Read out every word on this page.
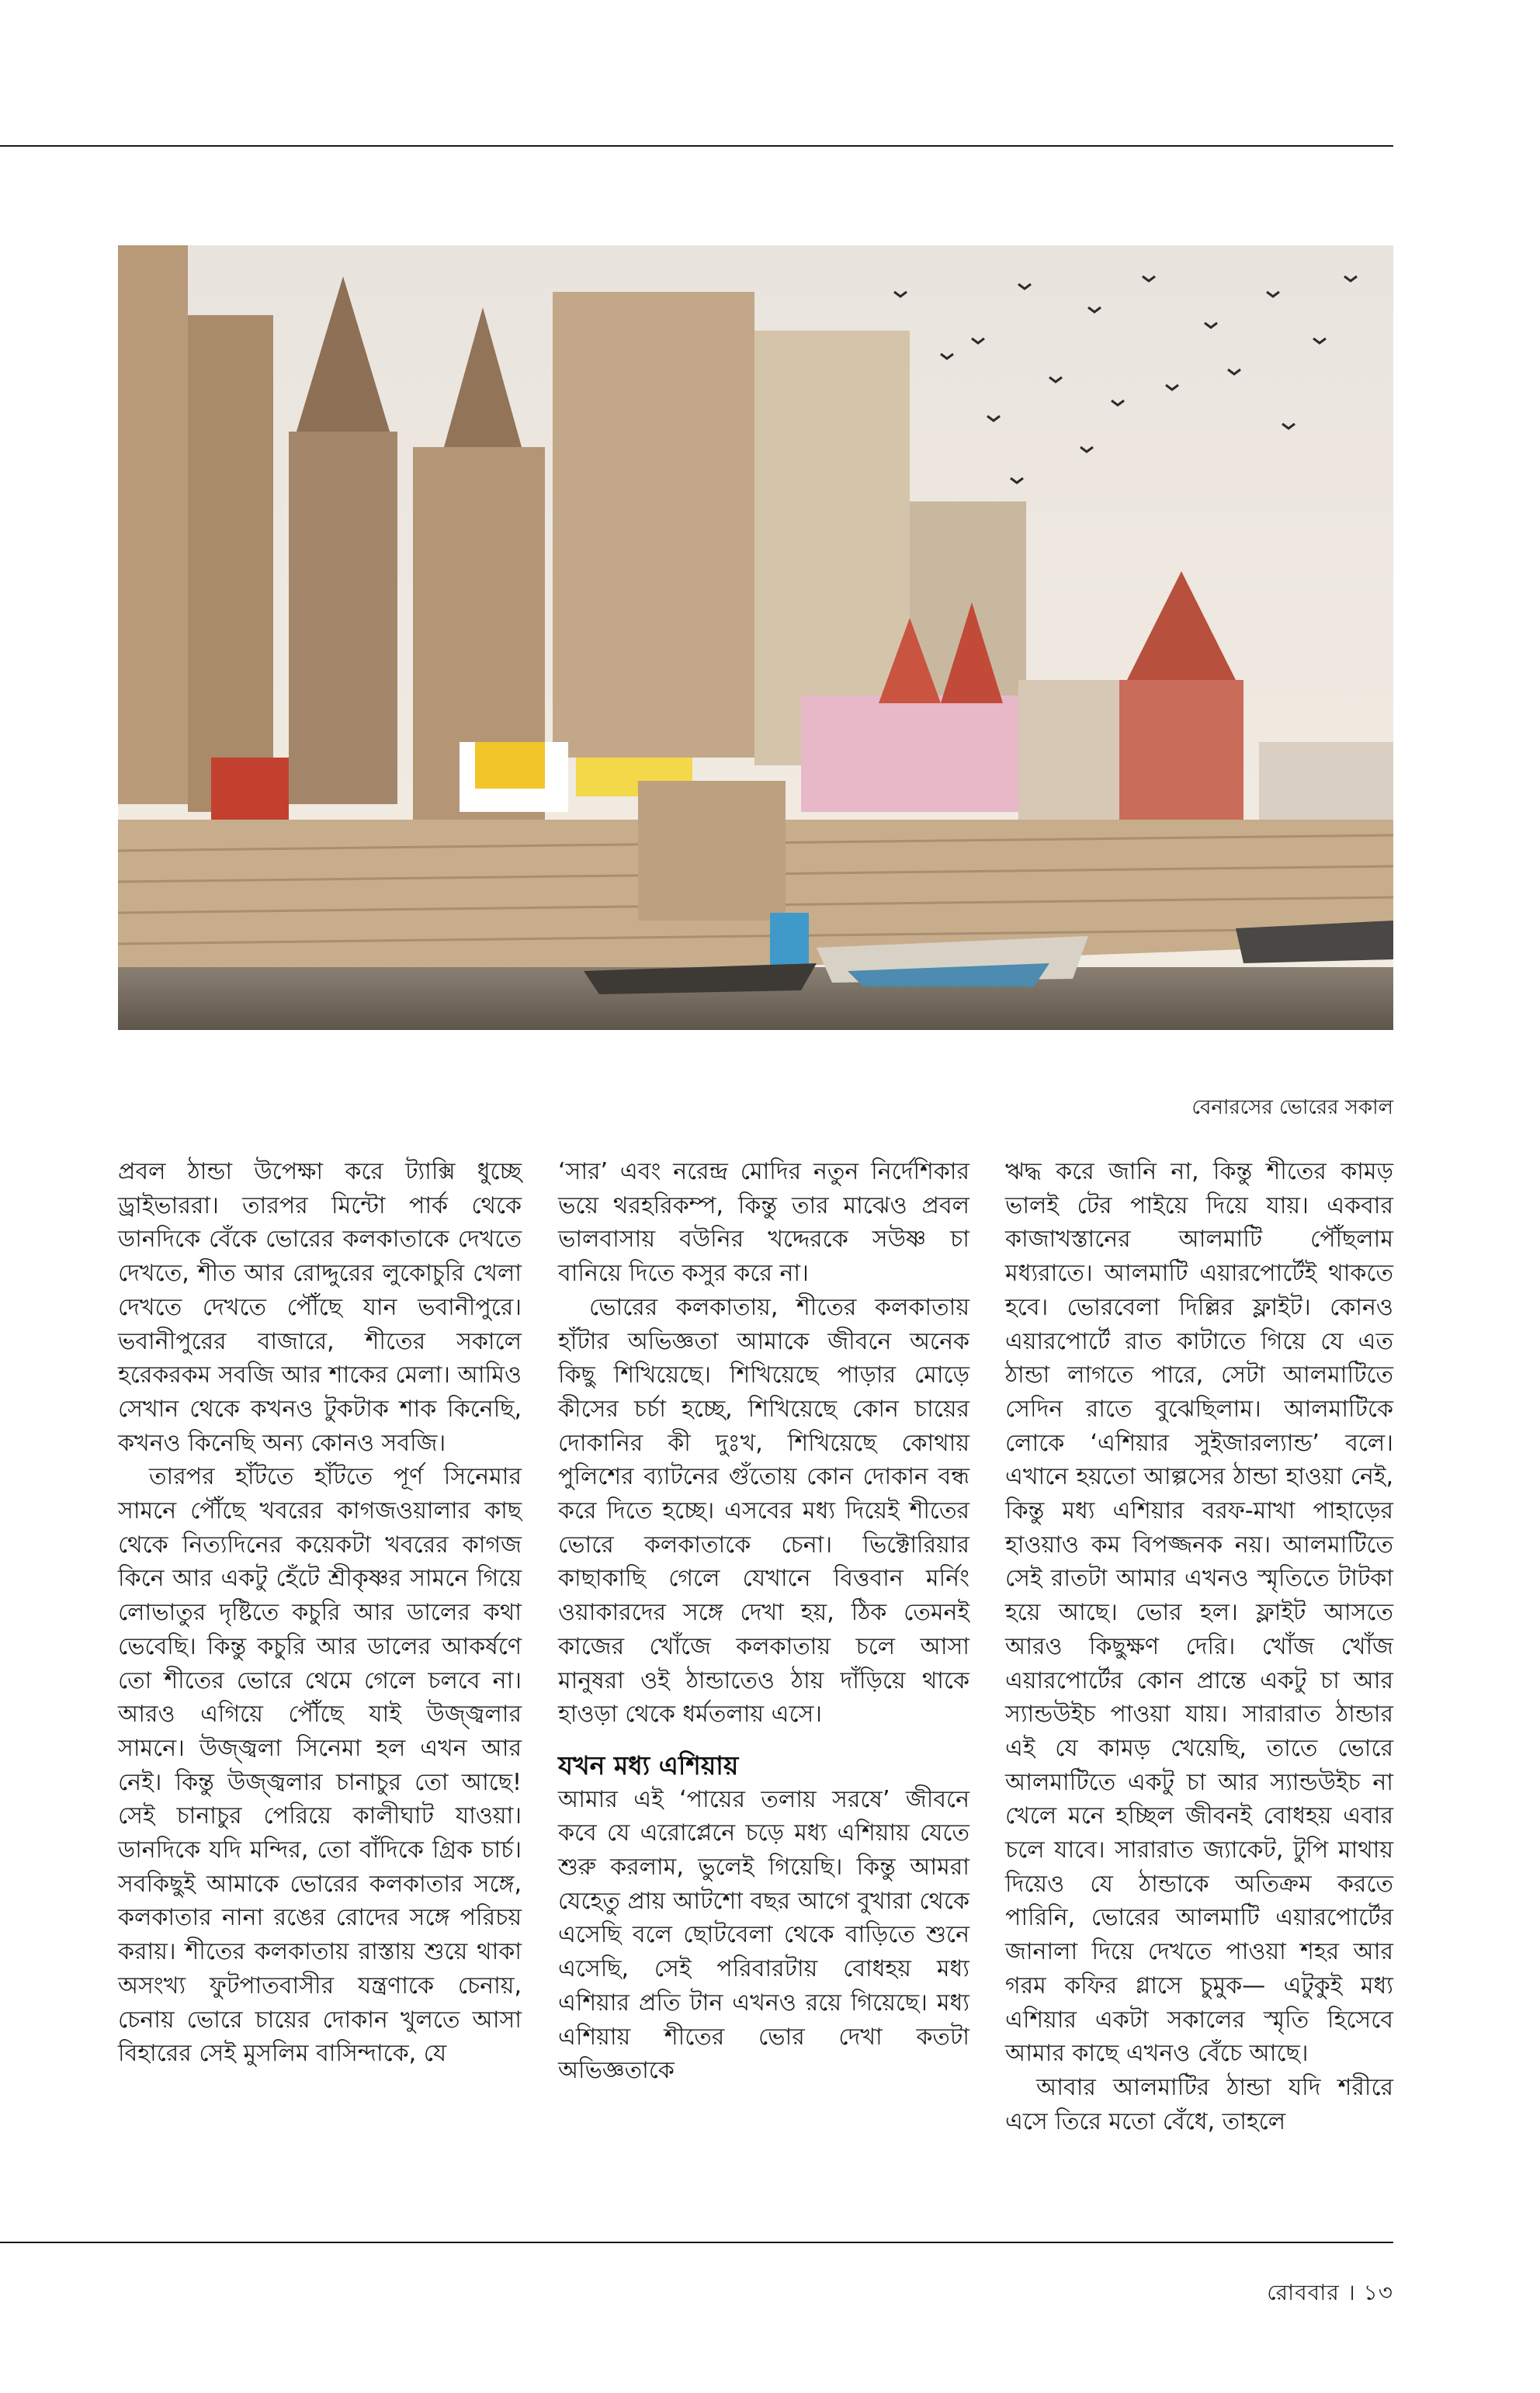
বেনারসের ভোরের সকাল

প্রবল ঠান্ডা উপেক্ষা করে ট্যাক্সি ধুচ্ছে ড্রাইভাররা। তারপর মিন্টো পার্ক থেকে ডানদিকে বেঁকে ভোরের কলকাতাকে দেখতে দেখতে, শীত আর রোদ্দুরের লুকোচুরি খেলা দেখতে দেখতে পৌঁছে যান ভবানীপুরে। ভবানীপুরের বাজারে, শীতের সকালে হরেকরকম সবজি আর শাকের মেলা। আমিও সেখান থেকে কখনও টুকটাক শাক কিনেছি, কখনও কিনেছি অন্য কোনও সবজি।

তারপর হাঁটতে হাঁটতে পূর্ণ সিনেমার সামনে পৌঁছে খবরের কাগজওয়ালার কাছ থেকে নিত্যদিনের কয়েকটা খবরের কাগজ কিনে আর একটু হেঁটে শ্রীকৃষ্ণর সামনে গিয়ে লোভাতুর দৃষ্টিতে কচুরি আর ডালের কথা ভেবেছি। কিন্তু কচুরি আর ডালের আকর্ষণে তো শীতের ভোরে থেমে গেলে চলবে না। আরও এগিয়ে পৌঁছে যাই উজ্জ্বলার সামনে। উজ্জ্বলা সিনেমা হল এখন আর নেই। কিন্তু উজ্জ্বলার চানাচুর তো আছে! সেই চানাচুর পেরিয়ে কালীঘাট যাওয়া। ডানদিকে যদি মন্দির, তো বাঁদিকে গ্রিক চার্চ। সবকিছুই আমাকে ভোরের কলকাতার সঙ্গে, কলকাতার নানা রঙের রোদের সঙ্গে পরিচয় করায়। শীতের কলকাতায় রাস্তায় শুয়ে থাকা অসংখ্য ফুটপাতবাসীর যন্ত্রণাকে চেনায়, চেনায় ভোরে চায়ের দোকান খুলতে আসা বিহারের সেই মুসলিম বাসিন্দাকে, যে

‘সার’ এবং নরেন্দ্র মোদির নতুন নির্দেশিকার ভয়ে থরহরিকম্প, কিন্তু তার মাঝেও প্রবল ভালবাসায় বউনির খদ্দেরকে সউষ্ণ চা বানিয়ে দিতে কসুর করে না।

ভোরের কলকাতায়, শীতের কলকাতায় হাঁটার অভিজ্ঞতা আমাকে জীবনে অনেক কিছু শিখিয়েছে। শিখিয়েছে পাড়ার মোড়ে কীসের চর্চা হচ্ছে, শিখিয়েছে কোন চায়ের দোকানির কী দুঃখ, শিখিয়েছে কোথায় পুলিশের ব্যাটনের গুঁতোয় কোন দোকান বন্ধ করে দিতে হচ্ছে। এসবের মধ্য দিয়েই শীতের ভোরে কলকাতাকে চেনা। ভিক্টোরিয়ার কাছাকাছি গেলে যেখানে বিত্তবান মর্নিং ওয়াকারদের সঙ্গে দেখা হয়, ঠিক তেমনই কাজের খোঁজে কলকাতায় চলে আসা মানুষরা ওই ঠান্ডাতেও ঠায় দাঁড়িয়ে থাকে হাওড়া থেকে ধর্মতলায় এসে।

যখন মধ্য এশিয়ায়

আমার এই ‘পায়ের তলায় সরষে’ জীবনে কবে যে এরোপ্লেনে চড়ে মধ্য এশিয়ায় যেতে শুরু করলাম, ভুলেই গিয়েছি। কিন্তু আমরা যেহেতু প্রায় আটশো বছর আগে বুখারা থেকে এসেছি বলে ছোটবেলা থেকে বাড়িতে শুনে এসেছি, সেই পরিবারটায় বোধহয় মধ্য এশিয়ার প্রতি টান এখনও রয়ে গিয়েছে। মধ্য এশিয়ায় শীতের ভোর দেখা কতটা অভিজ্ঞতাকে

ঋদ্ধ করে জানি না, কিন্তু শীতের কামড় ভালই টের পাইয়ে দিয়ে যায়। একবার কাজাখস্তানের আলমাটি পৌঁছলাম মধ্যরাতে। আলমাটি এয়ারপোর্টেই থাকতে হবে। ভোরবেলা দিল্লির ফ্লাইট। কোনও এয়ারপোর্টে রাত কাটাতে গিয়ে যে এত ঠান্ডা লাগতে পারে, সেটা আলমাটিতে সেদিন রাতে বুঝেছিলাম। আলমাটিকে লোকে ‘এশিয়ার সুইজারল্যান্ড’ বলে। এখানে হয়তো আল্পসের ঠান্ডা হাওয়া নেই, কিন্তু মধ্য এশিয়ার বরফ-মাখা পাহাড়ের হাওয়াও কম বিপজ্জনক নয়। আলমাটিতে সেই রাতটা আমার এখনও স্মৃতিতে টাটকা হয়ে আছে। ভোর হল। ফ্লাইট আসতে আরও কিছুক্ষণ দেরি। খোঁজ খোঁজ এয়ারপোর্টের কোন প্রান্তে একটু চা আর স্যান্ডউইচ পাওয়া যায়। সারারাত ঠান্ডার এই যে কামড় খেয়েছি, তাতে ভোরে আলমাটিতে একটু চা আর স্যান্ডউইচ না খেলে মনে হচ্ছিল জীবনই বোধহয় এবার চলে যাবে। সারারাত জ্যাকেট, টুপি মাথায় দিয়েও যে ঠান্ডাকে অতিক্রম করতে পারিনি, ভোরের আলমাটি এয়ারপোর্টের জানালা দিয়ে দেখতে পাওয়া শহর আর গরম কফির গ্লাসে চুমুক— এটুকুই মধ্য এশিয়ার একটা সকালের স্মৃতি হিসেবে আমার কাছে এখনও বেঁচে আছে।

আবার আলমাটির ঠান্ডা যদি শরীরে এসে তিরে মতো বেঁধে, তাহলে

রোববার । ১৩
